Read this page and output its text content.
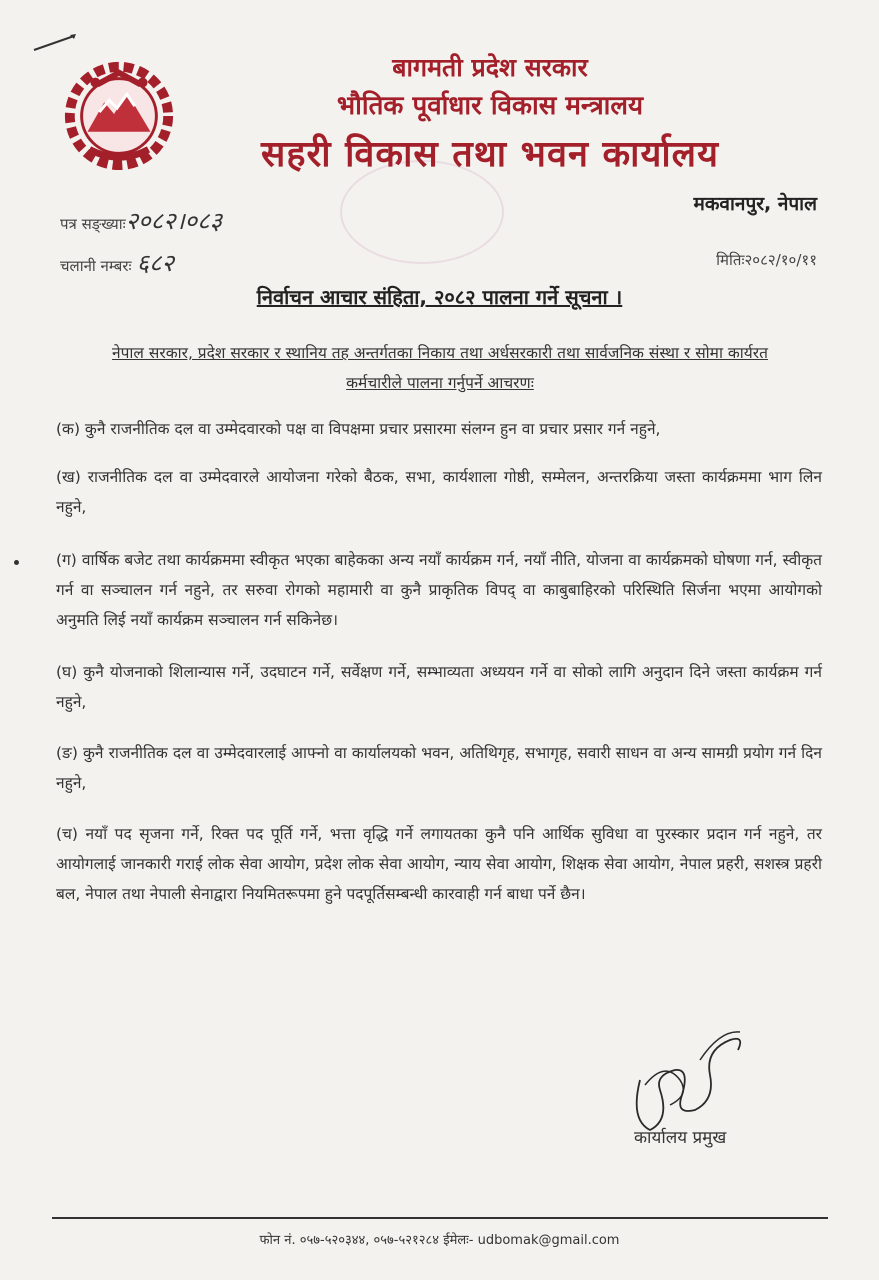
बागमती प्रदेश सरकार
भौतिक पूर्वाधार विकास मन्त्रालय
सहरी विकास तथा भवन कार्यालय
मकवानपुर, नेपाल
पत्र सङ्ख्याः२०८२।०८३
चलानी नम्बरः ६८२	मितिः२०८२/१०/११
निर्वाचन आचार संहिता, २०८२ पालना गर्ने सूचना ।
नेपाल सरकार, प्रदेश सरकार र स्थानिय तह अन्तर्गतका निकाय तथा अर्धसरकारी तथा सार्वजनिक संस्था र सोमा कार्यरत
कर्मचारीले पालना गर्नुपर्ने आचरणः
(क) कुनै राजनीतिक दल वा उम्मेदवारको पक्ष वा विपक्षमा प्रचार प्रसारमा संलग्न हुन वा प्रचार प्रसार गर्न नहुने,
(ख) राजनीतिक दल वा उम्मेदवारले आयोजना गरेको बैठक, सभा, कार्यशाला गोष्ठी, सम्मेलन, अन्तरक्रिया जस्ता कार्यक्रममा भाग लिन नहुने,
(ग) वार्षिक बजेट तथा कार्यक्रममा स्वीकृत भएका बाहेकका अन्य नयाँ कार्यक्रम गर्न, नयाँ नीति, योजना वा कार्यक्रमको घोषणा गर्न, स्वीकृत गर्न वा सञ्चालन गर्न नहुने, तर सरुवा रोगको महामारी वा कुनै प्राकृतिक विपद् वा काबुबाहिरको परिस्थिति सिर्जना भएमा आयोगको अनुमति लिई नयाँ कार्यक्रम सञ्चालन गर्न सकिनेछ।
(घ) कुनै योजनाको शिलान्यास गर्ने, उदघाटन गर्ने, सर्वेक्षण गर्ने, सम्भाव्यता अध्ययन गर्ने वा सोको लागि अनुदान दिने जस्ता कार्यक्रम गर्न नहुने,
(ङ) कुनै राजनीतिक दल वा उम्मेदवारलाई आफ्नो वा कार्यालयको भवन, अतिथिगृह, सभागृह, सवारी साधन वा अन्य सामग्री प्रयोग गर्न दिन नहुने,
(च) नयाँ पद सृजना गर्ने, रिक्त पद पूर्ति गर्ने, भत्ता वृद्धि गर्ने लगायतका कुनै पनि आर्थिक सुविधा वा पुरस्कार प्रदान गर्न नहुने, तर आयोगलाई जानकारी गराई लोक सेवा आयोग, प्रदेश लोक सेवा आयोग, न्याय सेवा आयोग, शिक्षक सेवा आयोग, नेपाल प्रहरी, सशस्त्र प्रहरी बल, नेपाल तथा नेपाली सेनाद्वारा नियमितरूपमा हुने पदपूर्तिसम्बन्धी कारवाही गर्न बाधा पर्ने छैन।
कार्यालय प्रमुख
फोन नं. ०५७-५२०३४४, ०५७-५२१२८४ ईमेलः- udbomak@gmail.com
